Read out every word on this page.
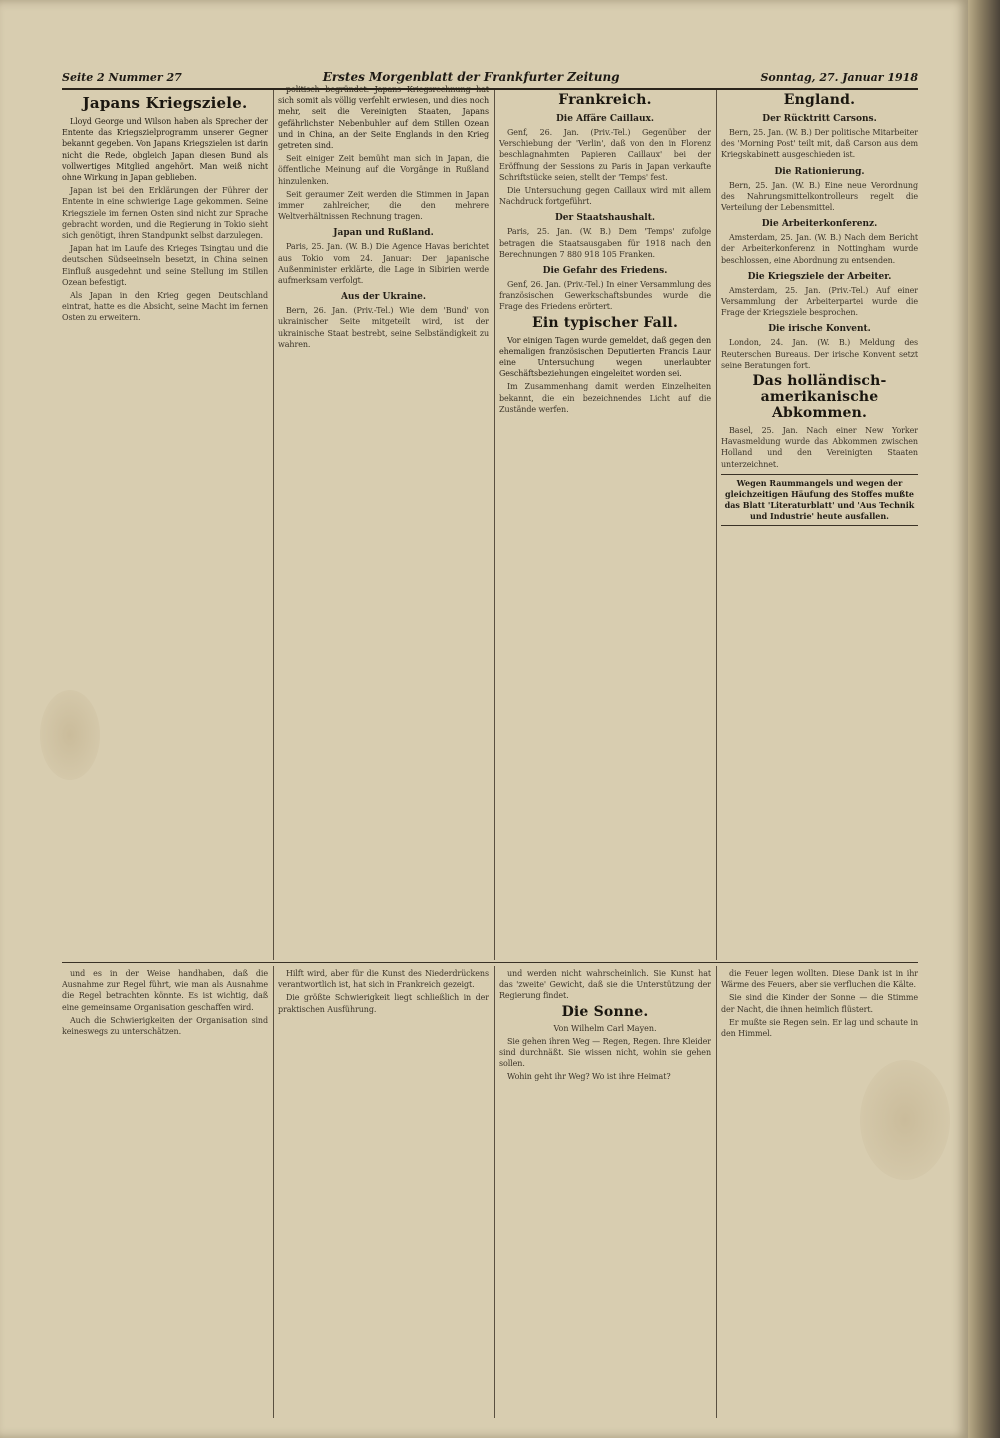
Seite 2 Nummer 27	Erstes Morgenblatt der Frankfurter Zeitung	Sonntag, 27. Januar 1918
Japans Kriegsziele.

Lloyd George und Wilson haben als Sprecher der Entente das Kriegszielprogramm unserer Gegner bekannt gegeben. Von Japans Kriegszielen ist darin nicht die Rede, obgleich Japan diesen Bund als vollwertiges Mitglied angehört. Man weiß nicht ohne Wirkung in Japan geblieben.

Japan ist bei den Erklärungen der Führer der Entente in eine schwierige Lage gekommen. Seine Kriegsziele im fernen Osten sind nicht zur Sprache gebracht worden, und die Regierung in Tokio sieht sich genötigt, ihren Standpunkt selbst darzulegen.

Japan hat im Laufe des Krieges Tsingtau und die deutschen Südseeinseln besetzt, in China seinen Einfluß ausgedehnt und seine Stellung im Stillen Ozean befestigt.

Als Japan in den Krieg gegen Deutschland eintrat, hatte es die Absicht, seine Macht im fernen Osten zu erweitern.

politisch begründet. Japans Kriegsrechnung hat sich somit als völlig verfehlt erwiesen, und dies noch mehr, seit die Vereinigten Staaten, Japans gefährlichster Nebenbuhler auf dem Stillen Ozean und in China, an der Seite Englands in den Krieg getreten sind.

Seit einiger Zeit bemüht man sich in Japan, die öffentliche Meinung auf die Vorgänge in Rußland hinzulenken.

Seit geraumer Zeit werden die Stimmen in Japan immer zahlreicher, die den mehrere Weltverhältnissen Rechnung tragen.

Japan und Rußland.

Paris, 25. Jan. (W. B.) Die Agence Havas berichtet aus Tokio vom 24. Januar: Der japanische Außenminister erklärte, die Lage in Sibirien werde aufmerksam verfolgt.

Aus der Ukraine.

Bern, 26. Jan. (Priv.-Tel.) Wie dem 'Bund' von ukrainischer Seite mitgeteilt wird, ist der ukrainische Staat bestrebt, seine Selbständigkeit zu wahren.

Frankreich.
Die Affäre Caillaux.

Genf, 26. Jan. (Priv.-Tel.) Gegenüber der Verschiebung der 'Verlin', daß von den in Florenz beschlagnahmten Papieren Caillaux' bei der Eröffnung der Sessions zu Paris in Japan verkaufte Schriftstücke seien, stellt der 'Temps' fest.

Die Untersuchung gegen Caillaux wird mit allem Nachdruck fortgeführt.

Der Staatshaushalt.

Paris, 25. Jan. (W. B.) Dem 'Temps' zufolge betragen die Staatsausgaben für 1918 nach den Berechnungen 7 880 918 105 Franken.

Die Gefahr des Friedens.

Genf, 26. Jan. (Priv.-Tel.) In einer Versammlung des französischen Gewerkschaftsbundes wurde die Frage des Friedens erörtert.

Ein typischer Fall.

Vor einigen Tagen wurde gemeldet, daß gegen den ehemaligen französischen Deputierten Francis Laur eine Untersuchung wegen unerlaubter Geschäftsbeziehungen eingeleitet worden sei.

Im Zusammenhang damit werden Einzelheiten bekannt, die ein bezeichnendes Licht auf die Zustände werfen.

England.
Der Rücktritt Carsons.

Bern, 25. Jan. (W. B.) Der politische Mitarbeiter des 'Morning Post' teilt mit, daß Carson aus dem Kriegskabinett ausgeschieden ist.

Die Rationierung.

Bern, 25. Jan. (W. B.) Eine neue Verordnung des Nahrungsmittelkontrolleurs regelt die Verteilung der Lebensmittel.

Die Arbeiterkonferenz.

Amsterdam, 25. Jan. (W. B.) Nach dem Bericht der Arbeiterkonferenz in Nottingham wurde beschlossen, eine Abordnung zu entsenden.

Die Kriegsziele der Arbeiter.

Amsterdam, 25. Jan. (Priv.-Tel.) Auf einer Versammlung der Arbeiterpartei wurde die Frage der Kriegsziele besprochen.

Die irische Konvent.

London, 24. Jan. (W. B.) Meldung des Reuterschen Bureaus. Der irische Konvent setzt seine Beratungen fort.

Das holländisch-amerikanische Abkommen.

Basel, 25. Jan. Nach einer New Yorker Havasmeldung wurde das Abkommen zwischen Holland und den Vereinigten Staaten unterzeichnet.

Wegen Raummangels und wegen der gleichzeitigen Häufung des Stoffes mußte das Blatt 'Literaturblatt' und 'Aus Technik und Industrie' heute ausfallen.

und es in der Weise handhaben, daß die Ausnahme zur Regel führt, wie man als Ausnahme die Regel betrachten könnte. Es ist wichtig, daß eine gemeinsame Organisation geschaffen wird.

Auch die Schwierigkeiten der Organisation sind keineswegs zu unterschätzen.

Hilft wird, aber für die Kunst des Niederdrückens verantwortlich ist, hat sich in Frankreich gezeigt.

Die größte Schwierigkeit liegt schließlich in der praktischen Ausführung.

und werden nicht wahrscheinlich. Sie Kunst hat das 'zweite' Gewicht, daß sie die Unterstützung der Regierung findet.

Die Sonne.
Von Wilhelm Carl Mayen.

Sie gehen ihren Weg — Regen, Regen. Ihre Kleider sind durchnäßt. Sie wissen nicht, wohin sie gehen sollen.

Wohin geht ihr Weg? Wo ist ihre Heimat?

die Feuer legen wollten. Diese Dank ist in ihr Wärme des Feuers, aber sie verfluchen die Kälte.

Sie sind die Kinder der Sonne — die Stimme der Nacht, die ihnen heimlich flüstert.

Er mußte sie Regen sein. Er lag und schaute in den Himmel.
